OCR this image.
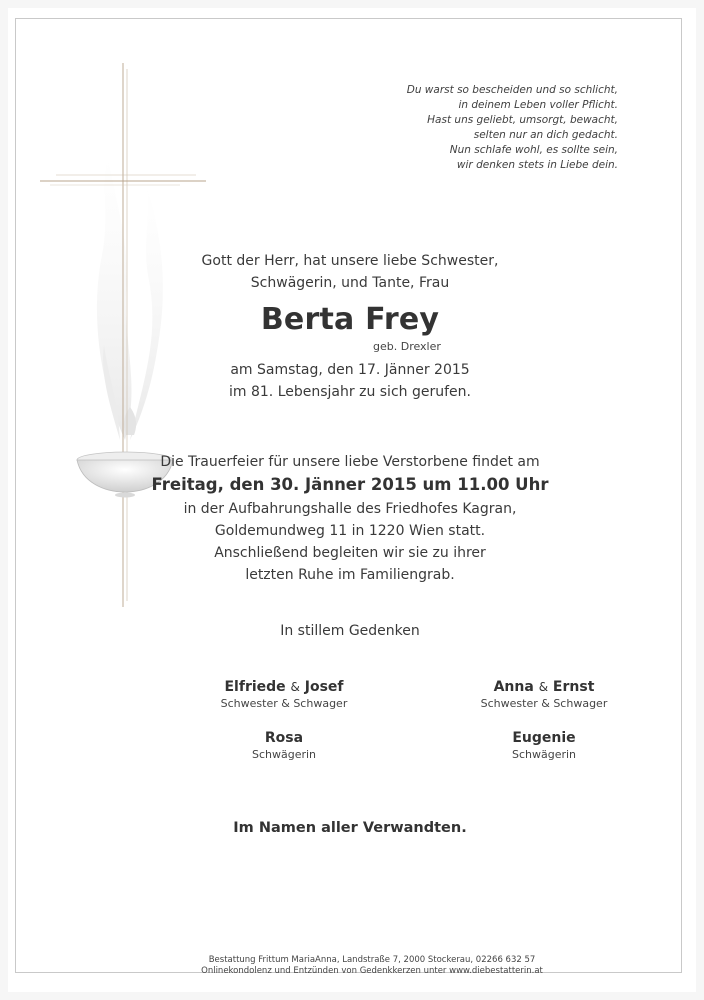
Du warst so bescheiden und so schlicht,
in deinem Leben voller Pflicht.
Hast uns geliebt, umsorgt, bewacht,
selten nur an dich gedacht.
Nun schlafe wohl, es sollte sein,
wir denken stets in Liebe dein.
Gott der Herr, hat unsere liebe Schwester,
Schwägerin, und Tante, Frau
Berta Frey
geb. Drexler
am Samstag, den 17. Jänner 2015
im 81. Lebensjahr zu sich gerufen.
Die Trauerfeier für unsere liebe Verstorbene findet am
Freitag, den 30. Jänner 2015 um 11.00 Uhr
in der Aufbahrungshalle des Friedhofes Kagran,
Goldemundweg 11 in 1220 Wien statt.
Anschließend begleiten wir sie zu ihrer
letzten Ruhe im Familiengrab.
In stillem Gedenken
Elfriede & Josef
Schwester & Schwager
Anna & Ernst
Schwester & Schwager
Rosa
Schwägerin
Eugenie
Schwägerin
Im Namen aller Verwandten.
Bestattung Frittum MariaAnna, Landstraße 7, 2000 Stockerau, 02266 632 57
Onlinekondolenz und Entzünden von Gedenkkerzen unter www.diebestatterin.at
